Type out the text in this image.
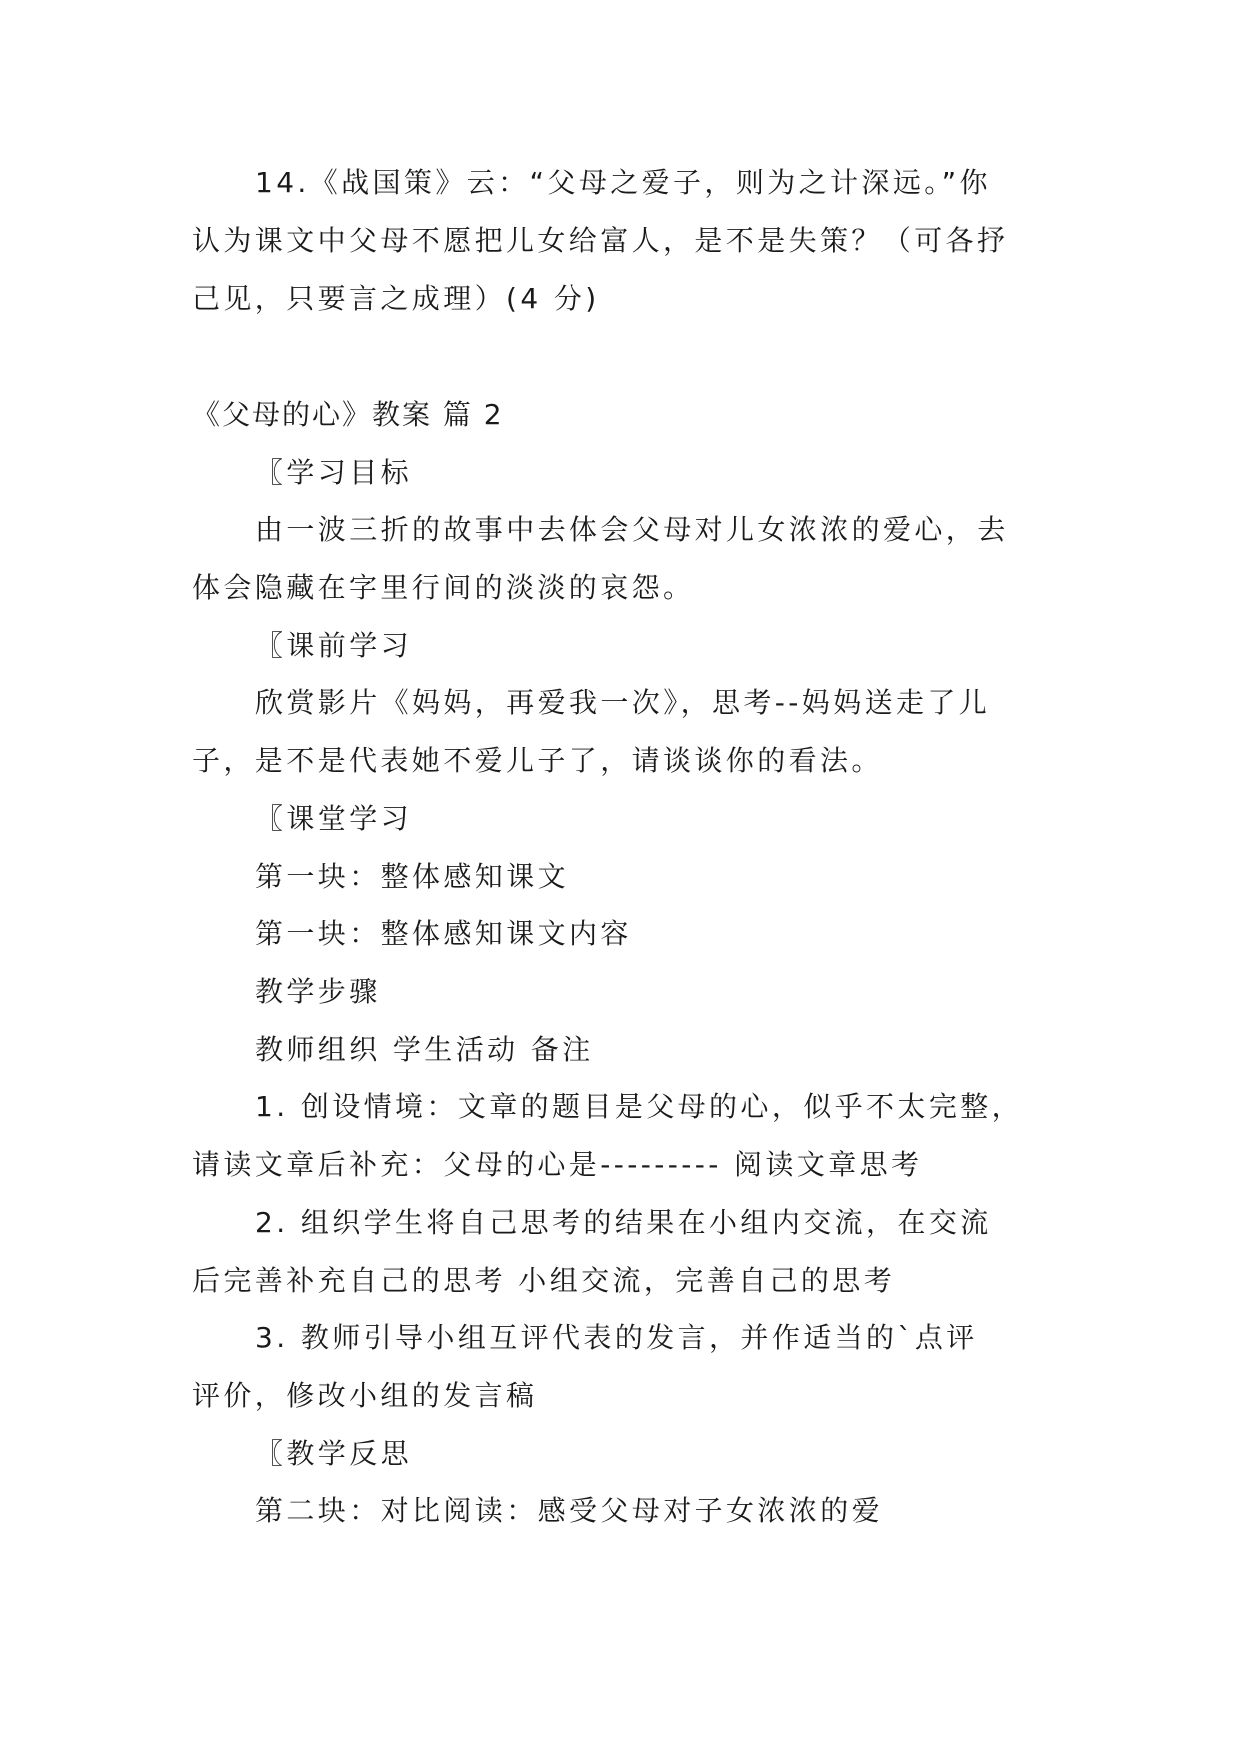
14.《战国策》云：“父母之爱子，则为之计深远。”你

认为课文中父母不愿把儿女给富人，是不是失策？（可各抒

己见，只要言之成理）(4 分)

《父母的心》教案 篇 2

〖学习目标

由一波三折的故事中去体会父母对儿女浓浓的爱心，去

体会隐藏在字里行间的淡淡的哀怨。

〖课前学习

欣赏影片《妈妈，再爱我一次》，思考--妈妈送走了儿

子，是不是代表她不爱儿子了，请谈谈你的看法。

〖课堂学习

第一块：整体感知课文

第一块：整体感知课文内容

教学步骤

教师组织 学生活动 备注

1. 创设情境：文章的题目是父母的心，似乎不太完整，

请读文章后补充：父母的心是--------- 阅读文章思考

2. 组织学生将自己思考的结果在小组内交流，在交流

后完善补充自己的思考 小组交流，完善自己的思考

3. 教师引导小组互评代表的发言，并作适当的`点评

评价，修改小组的发言稿

〖教学反思

第二块：对比阅读：感受父母对子女浓浓的爱
